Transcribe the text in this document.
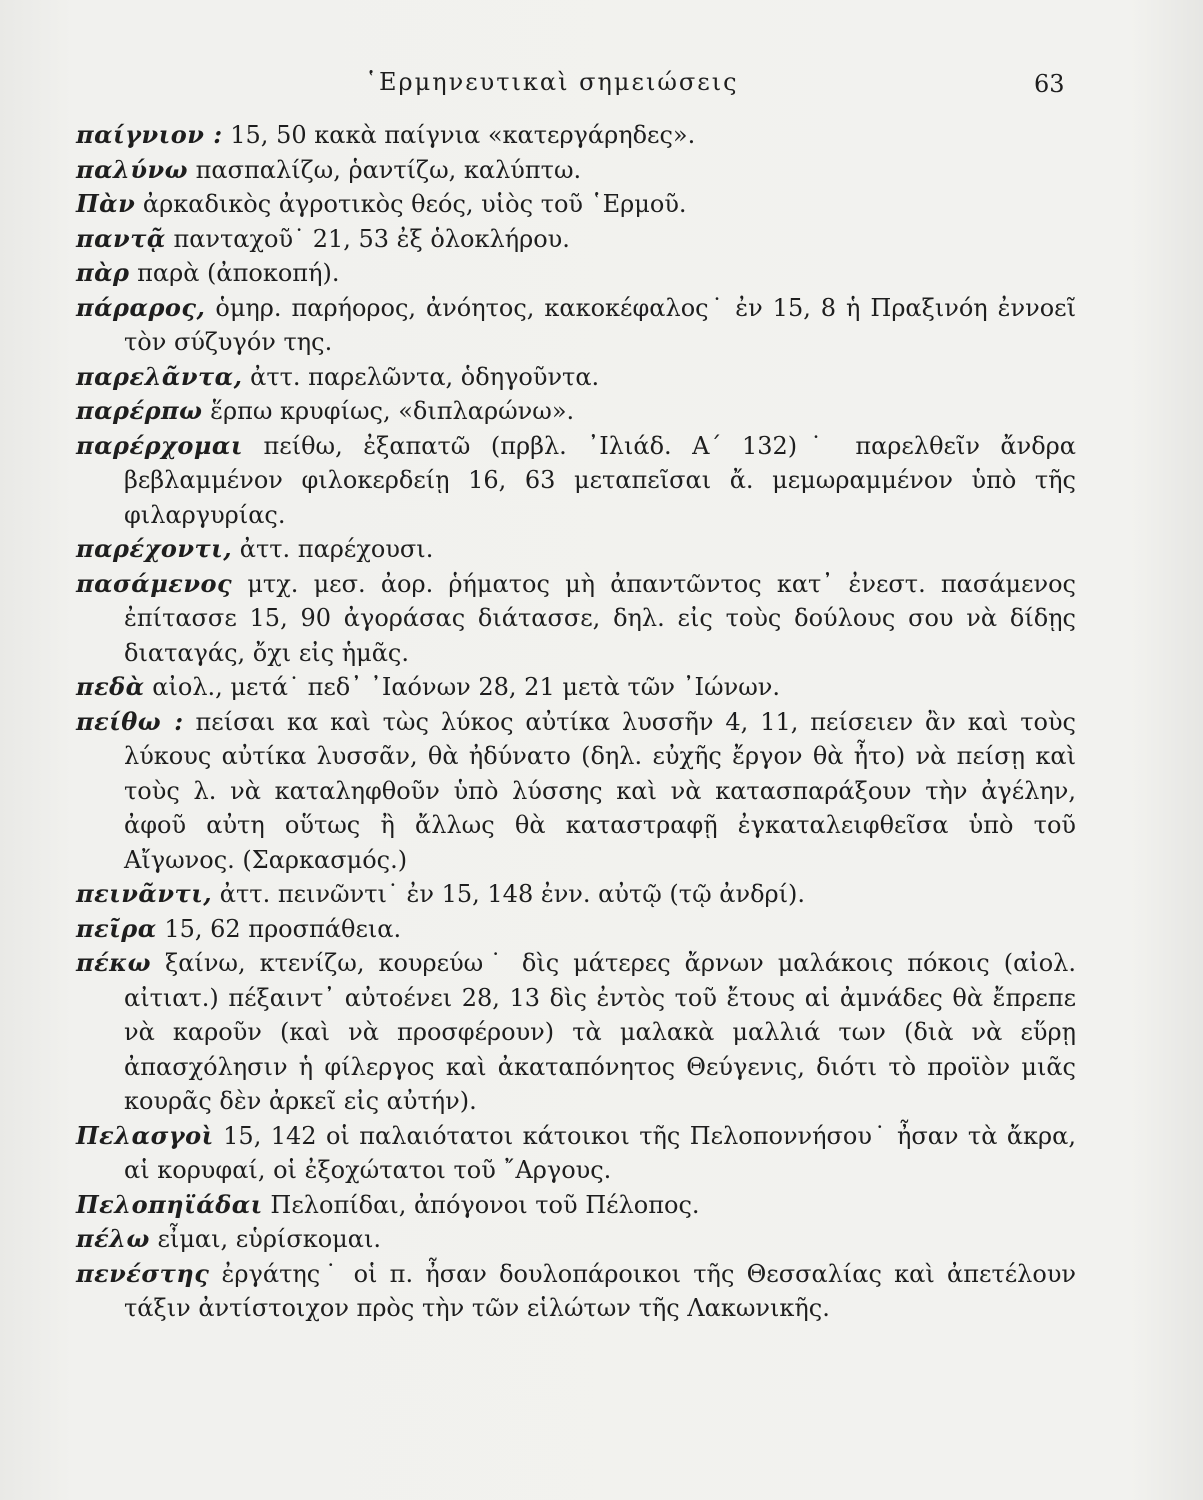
῾Ερμηνευτικαὶ σημειώσεις	63

παίγνιον : 15, 50 κακὰ παίγνια «κατεργάρηδες».

παλύνω πασπαλίζω, ῥαντίζω, καλύπτω.

Πὰν ἀρκαδικὸς ἀγροτικὸς θεός, υἱὸς τοῦ ῾Ερμοῦ.

παντᾷ πανταχοῦ˙ 21, 53 ἐξ ὁλοκλήρου.

πὰρ παρὰ (ἀποκοπή).

πάραρος, ὁμηρ. παρήορος, ἀνόητος, κακοκέφαλος˙ ἐν 15, 8 ἡ Πραξινόη ἐννοεῖ τὸν σύζυγόν της.

παρελᾶντα, ἀττ. παρελῶντα, ὁδηγοῦντα.

παρέρπω ἕρπω κρυφίως, «διπλαρώνω».

παρέρχομαι πείθω, ἐξαπατῶ (πρβλ. ᾿Ιλιάδ. Α΄ 132)˙ παρελθεῖν ἄνδρα βεβλαμμένον φιλοκερδείῃ 16, 63 μεταπεῖσαι ἄ. μεμωραμμένον ὑπὸ τῆς φιλαργυρίας.

παρέχοντι, ἀττ. παρέχουσι.

πασάμενος μτχ. μεσ. ἀορ. ῥήματος μὴ ἀπαντῶντος κατ᾿ ἐνεστ. πασάμενος ἐπίτασσε 15, 90 ἀγοράσας διάτασσε, δηλ. εἰς τοὺς δούλους σου νὰ δίδῃς διαταγάς, ὄχι εἰς ἡμᾶς.

πεδὰ αἰολ., μετά˙ πεδ᾿ ᾿Ιαόνων 28, 21 μετὰ τῶν ᾿Ιώνων.

πείθω : πείσαι κα καὶ τὼς λύκος αὐτίκα λυσσῆν 4, 11, πείσειεν ἂν καὶ τοὺς λύκους αὐτίκα λυσσᾶν, θὰ ἠδύνατο (δηλ. εὐχῆς ἔργον θὰ ἦτο) νὰ πείσῃ καὶ τοὺς λ. νὰ καταληφθοῦν ὑπὸ λύσσης καὶ νὰ κατασπαράξουν τὴν ἀγέλην, ἀφοῦ αὐτη οὕτως ἢ ἄλλως θὰ καταστραφῇ ἐγκαταλειφθεῖσα ὑπὸ τοῦ Αἴγωνος. (Σαρκασμός.)

πεινᾶντι, ἀττ. πεινῶντι˙ ἐν 15, 148 ἐνν. αὐτῷ (τῷ ἀνδρί).

πεῖρα 15, 62 προσπάθεια.

πέκω ξαίνω, κτενίζω, κουρεύω˙ δὶς μάτερες ἄρνων μαλάκοις πόκοις (αἰολ. αἰτιατ.) πέξαιντ᾿ αὐτοένει 28, 13 δὶς ἐντὸς τοῦ ἔτους αἱ ἀμνάδες θὰ ἔπρεπε νὰ καροῦν (καὶ νὰ προσφέρουν) τὰ μαλακὰ μαλλιά των (διὰ νὰ εὕρῃ ἀπασχόλησιν ἡ φίλεργος καὶ ἀκαταπόνητος Θεύγενις, διότι τὸ προϊὸν μιᾶς κουρᾶς δὲν ἀρκεῖ εἰς αὐτήν).

Πελασγοὶ 15, 142 οἱ παλαιότατοι κάτοικοι τῆς Πελοποννήσου˙ ἦσαν τὰ ἄκρα, αἱ κορυφαί, οἱ ἐξοχώτατοι τοῦ ῎Αργους.

Πελοπηϊάδαι Πελοπίδαι, ἀπόγονοι τοῦ Πέλοπος.

πέλω εἶμαι, εὑρίσκομαι.

πενέστης ἐργάτης˙ οἱ π. ἦσαν δουλοπάροικοι τῆς Θεσσαλίας καὶ ἀπετέλουν τάξιν ἀντίστοιχον πρὸς τὴν τῶν εἱλώτων τῆς Λακωνικῆς.
